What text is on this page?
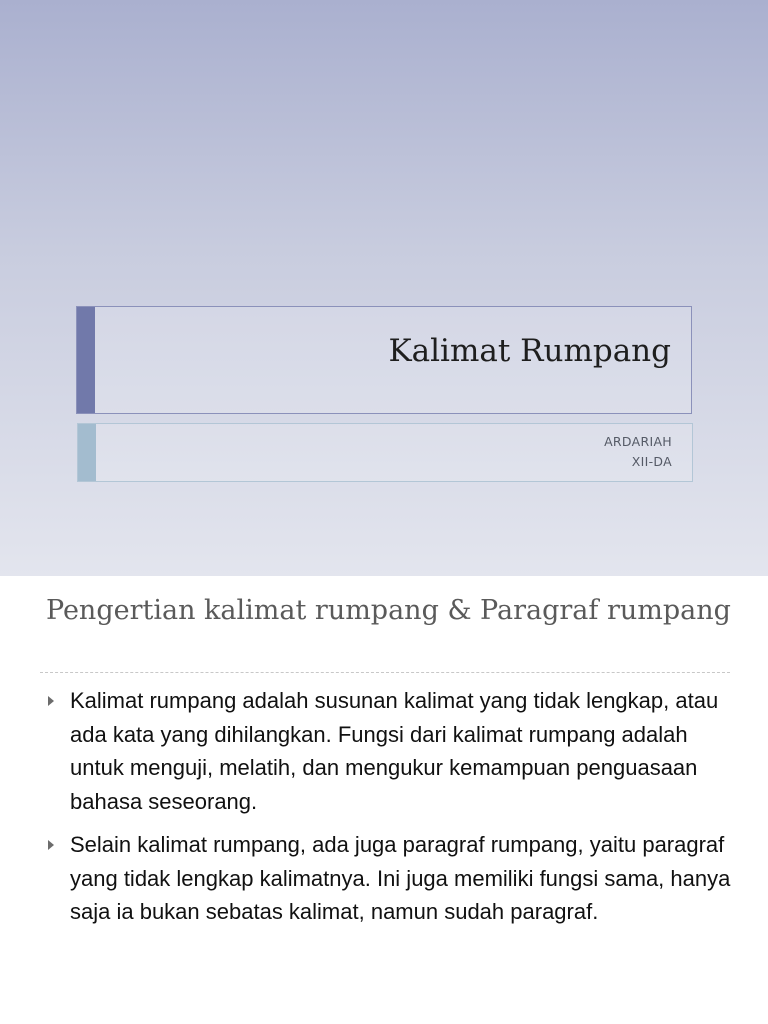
Kalimat Rumpang
ARDARIAH
XII-DA
Pengertian kalimat rumpang & Paragraf rumpang
Kalimat rumpang adalah susunan kalimat yang tidak lengkap, atau ada kata yang dihilangkan. Fungsi dari kalimat rumpang adalah untuk menguji, melatih, dan mengukur kemampuan penguasaan bahasa seseorang.
Selain kalimat rumpang, ada juga paragraf rumpang, yaitu paragraf yang tidak lengkap kalimatnya. Ini juga memiliki fungsi sama, hanya saja ia bukan sebatas kalimat, namun sudah paragraf.
